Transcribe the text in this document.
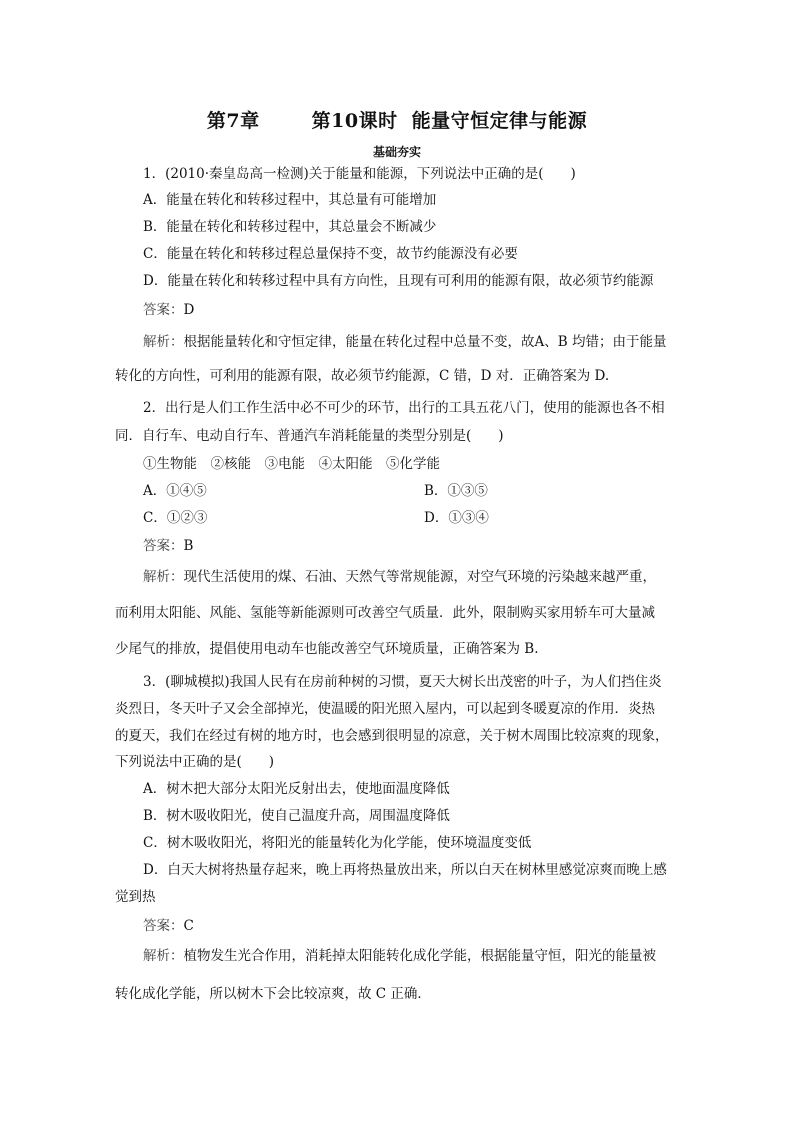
第7章	第10课时 能量守恒定律与能源
基础夯实
1．(2010·秦皇岛高一检测)关于能量和能源，下列说法中正确的是(　　)
A．能量在转化和转移过程中，其总量有可能增加
B．能量在转化和转移过程中，其总量会不断减少
C．能量在转化和转移过程总量保持不变，故节约能源没有必要
D．能量在转化和转移过程中具有方向性，且现有可利用的能源有限，故必须节约能源
答案：D
解析：根据能量转化和守恒定律，能量在转化过程中总量不变，故A、B 均错；由于能量
转化的方向性，可利用的能源有限，故必须节约能源，C 错，D 对．正确答案为 D.
2．出行是人们工作生活中必不可少的环节，出行的工具五花八门，使用的能源也各不相
同．自行车、电动自行车、普通汽车消耗能量的类型分别是(　　)
①生物能　②核能　③电能　④太阳能　⑤化学能
A．①④⑤	B．①③⑤
C．①②③	D．①③④
答案：B
解析：现代生活使用的煤、石油、天然气等常规能源，对空气环境的污染越来越严重，
而利用太阳能、风能、氢能等新能源则可改善空气质量．此外，限制购买家用轿车可大量减
少尾气的排放，提倡使用电动车也能改善空气环境质量，正确答案为 B.
3．(聊城模拟)我国人民有在房前种树的习惯，夏天大树长出茂密的叶子，为人们挡住炎
炎烈日，冬天叶子又会全部掉光，使温暖的阳光照入屋内，可以起到冬暖夏凉的作用．炎热
的夏天，我们在经过有树的地方时，也会感到很明显的凉意，关于树木周围比较凉爽的现象，
下列说法中正确的是(　　)
A．树木把大部分太阳光反射出去，使地面温度降低
B．树木吸收阳光，使自己温度升高，周围温度降低
C．树木吸收阳光，将阳光的能量转化为化学能，使环境温度变低
D．白天大树将热量存起来，晚上再将热量放出来，所以白天在树林里感觉凉爽而晚上感
觉到热
答案：C
解析：植物发生光合作用，消耗掉太阳能转化成化学能，根据能量守恒，阳光的能量被
转化成化学能，所以树木下会比较凉爽，故 C 正确．
